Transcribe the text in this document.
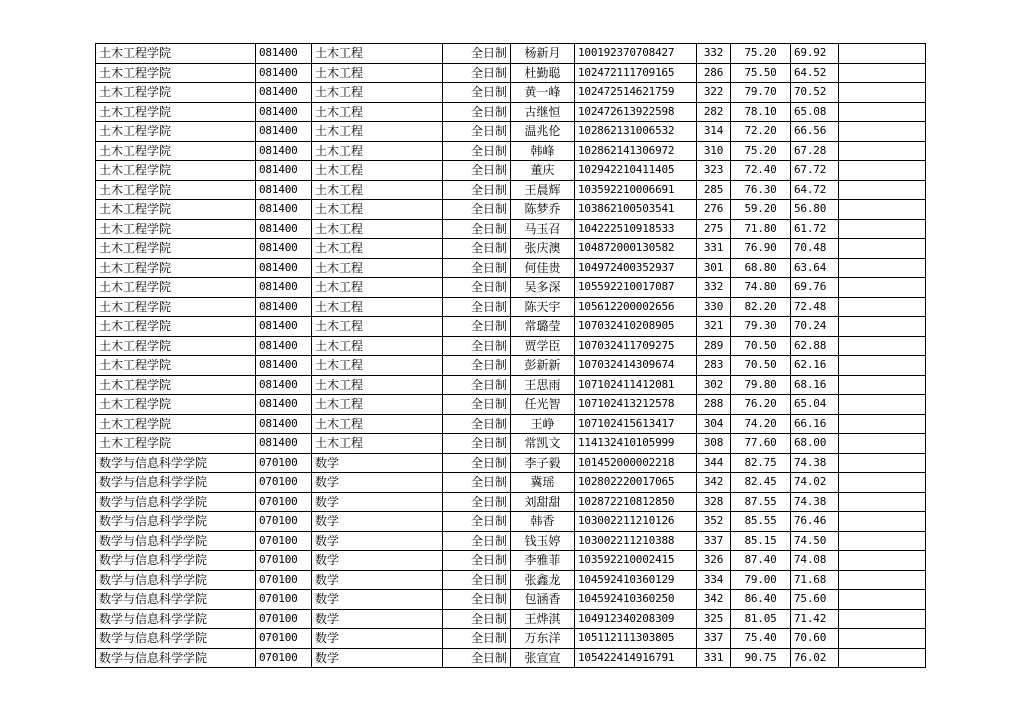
土木工程学院	081400	土木工程	全日制	杨新月	100192370708427	332	75.20	69.92	
土木工程学院	081400	土木工程	全日制	杜勤聪	102472111709165	286	75.50	64.52	
土木工程学院	081400	土木工程	全日制	黄一峰	102472514621759	322	79.70	70.52	
土木工程学院	081400	土木工程	全日制	古继恒	102472613922598	282	78.10	65.08	
土木工程学院	081400	土木工程	全日制	温兆伦	102862131006532	314	72.20	66.56	
土木工程学院	081400	土木工程	全日制	韩峰	102862141306972	310	75.20	67.28	
土木工程学院	081400	土木工程	全日制	董庆	102942210411405	323	72.40	67.72	
土木工程学院	081400	土木工程	全日制	王晨辉	103592210006691	285	76.30	64.72	
土木工程学院	081400	土木工程	全日制	陈梦乔	103862100503541	276	59.20	56.80	
土木工程学院	081400	土木工程	全日制	马玉召	104222510918533	275	71.80	61.72	
土木工程学院	081400	土木工程	全日制	张庆澳	104872000130582	331	76.90	70.48	
土木工程学院	081400	土木工程	全日制	何佳贵	104972400352937	301	68.80	63.64	
土木工程学院	081400	土木工程	全日制	吴多深	105592210017087	332	74.80	69.76	
土木工程学院	081400	土木工程	全日制	陈天宇	105612200002656	330	82.20	72.48	
土木工程学院	081400	土木工程	全日制	常璐莹	107032410208905	321	79.30	70.24	
土木工程学院	081400	土木工程	全日制	贾学臣	107032411709275	289	70.50	62.88	
土木工程学院	081400	土木工程	全日制	彭新新	107032414309674	283	70.50	62.16	
土木工程学院	081400	土木工程	全日制	王思雨	107102411412081	302	79.80	68.16	
土木工程学院	081400	土木工程	全日制	任光智	107102413212578	288	76.20	65.04	
土木工程学院	081400	土木工程	全日制	王峥	107102415613417	304	74.20	66.16	
土木工程学院	081400	土木工程	全日制	常凯文	114132410105999	308	77.60	68.00	
数学与信息科学学院	070100	数学	全日制	李子毅	101452000002218	344	82.75	74.38	
数学与信息科学学院	070100	数学	全日制	冀瑶	102802220017065	342	82.45	74.02	
数学与信息科学学院	070100	数学	全日制	刘甜甜	102872210812850	328	87.55	74.38	
数学与信息科学学院	070100	数学	全日制	韩香	103002211210126	352	85.55	76.46	
数学与信息科学学院	070100	数学	全日制	钱玉婷	103002211210388	337	85.15	74.50	
数学与信息科学学院	070100	数学	全日制	李雅菲	103592210002415	326	87.40	74.08	
数学与信息科学学院	070100	数学	全日制	张鑫龙	104592410360129	334	79.00	71.68	
数学与信息科学学院	070100	数学	全日制	包涵香	104592410360250	342	86.40	75.60	
数学与信息科学学院	070100	数学	全日制	王烨淇	104912340208309	325	81.05	71.42	
数学与信息科学学院	070100	数学	全日制	万东洋	105112111303805	337	75.40	70.60	
数学与信息科学学院	070100	数学	全日制	张宣宣	105422414916791	331	90.75	76.02	
